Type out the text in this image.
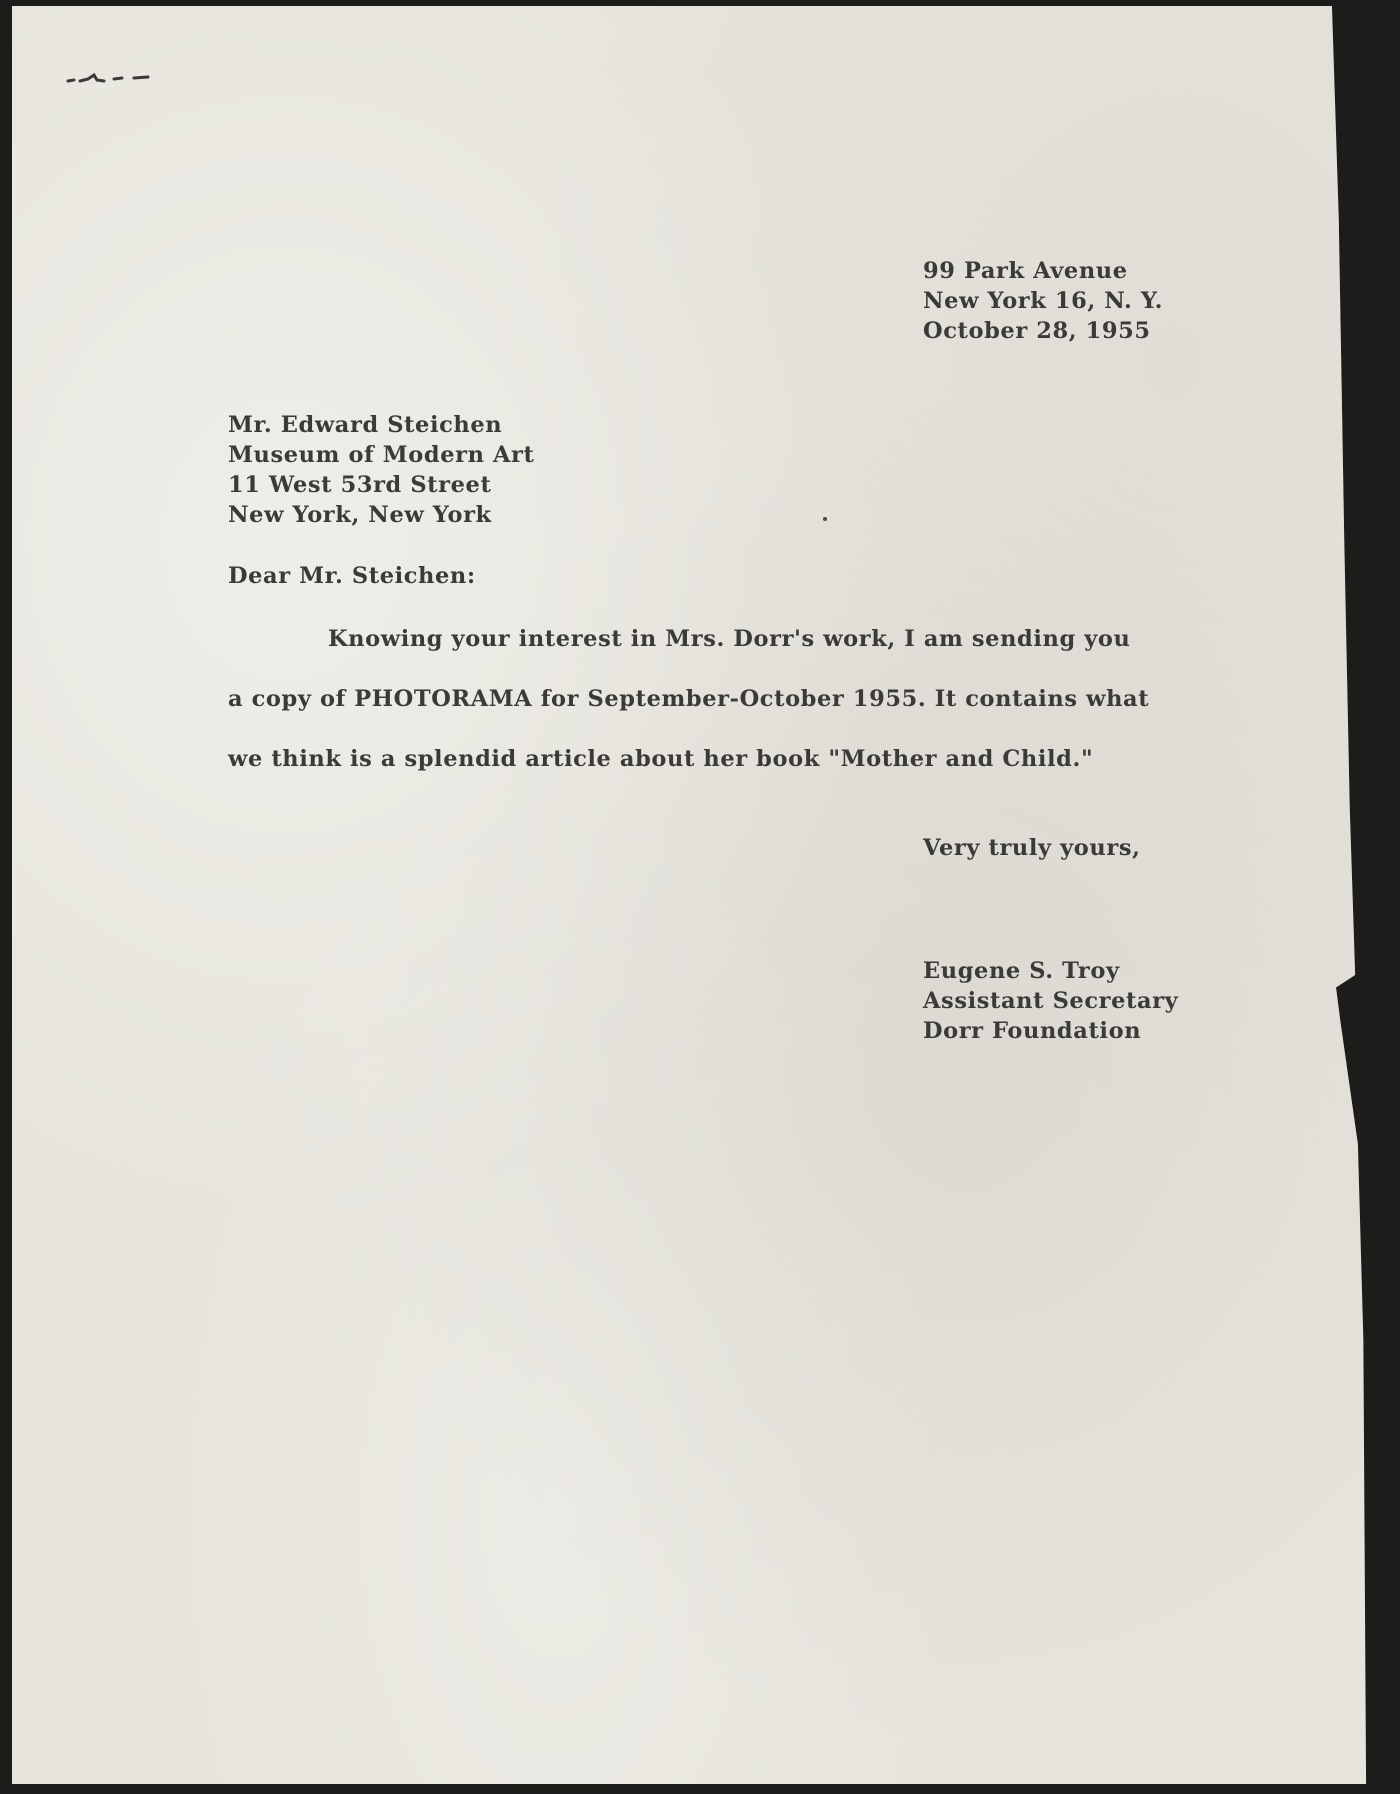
99 Park Avenue
New York 16, N. Y.
October 28, 1955
Mr. Edward Steichen
Museum of Modern Art
11 West 53rd Street
New York, New York

Dear Mr. Steichen:

Knowing your interest in Mrs. Dorr's work, I am sending you
a copy of PHOTORAMA for September-October 1955. It contains what
we think is a splendid article about her book "Mother and Child."

Very truly yours,

Eugene S. Troy
Assistant Secretary
Dorr Foundation
